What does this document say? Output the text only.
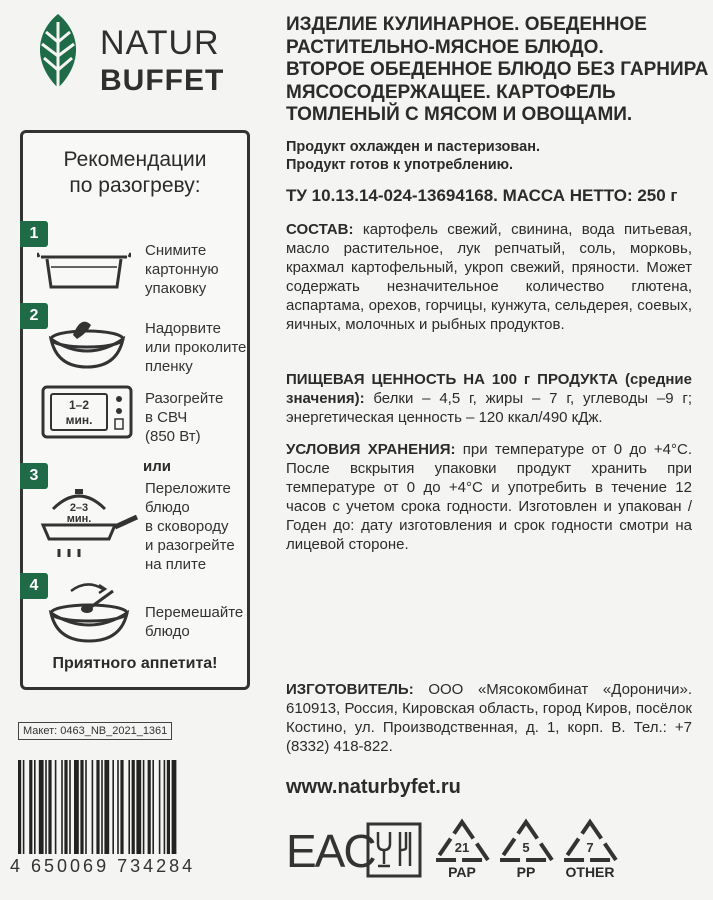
NATUR
BUFFET
Рекомендации
по разогреву:
1
Снимите
картонную
упаковку
2
Надорвите
или проколите
пленку
1–2
мин.
Разогрейте
в СВЧ
(850 Вт)
или
3
2–3
мин.
Переложите
блюдо
в сковороду
и разогрейте
на плите
4
Перемешайте
блюдо
Приятного аппетита!
Макет: 0463_NB_2021_1361
4 650069 734284
ИЗДЕЛИЕ КУЛИНАРНОЕ. ОБЕДЕННОЕ
РАСТИТЕЛЬНО-МЯСНОЕ БЛЮДО.
ВТОРОЕ ОБЕДЕННОЕ БЛЮДО БЕЗ ГАРНИРА
МЯСОСОДЕРЖАЩЕЕ. КАРТОФЕЛЬ
ТОМЛЕНЫЙ С МЯСОМ И ОВОЩАМИ.
Продукт охлажден и пастеризован.
Продукт готов к употреблению.
ТУ 10.13.14-024-13694168. МАССА НЕТТО: 250 г
СОСТАВ: картофель свежий, свинина, вода питьевая, масло растительное, лук репчатый, соль, морковь, крахмал картофельный, укроп свежий, пряности. Может содержать незначительное количество глютена, аспартама, орехов, горчицы, кунжута, сельдерея, соевых, яичных, молочных и рыбных продуктов.
ПИЩЕВАЯ ЦЕННОСТЬ НА 100 г ПРОДУКТА (средние значения): белки – 4,5 г, жиры – 7 г, углеводы –9 г; энергетическая ценность – 120 ккал/490 кДж.
УСЛОВИЯ ХРАНЕНИЯ: при температуре от 0 до +4°С. После вскрытия упаковки продукт хранить при температуре от 0 до +4°С и употребить в течение 12 часов с учетом срока годности. Изготовлен и упакован / Годен до: дату изготовления и срок годности смотри на лицевой стороне.
ИЗГОТОВИТЕЛЬ: ООО «Мясокомбинат «Дороничи». 610913, Россия, Кировская область, город Киров, посёлок Костино, ул. Производственная, д. 1, корп. В. Тел.: +7 (8332) 418-822.
www.naturbyfet.ru
EAC	21
PAP
5
PP
7
OTHER
